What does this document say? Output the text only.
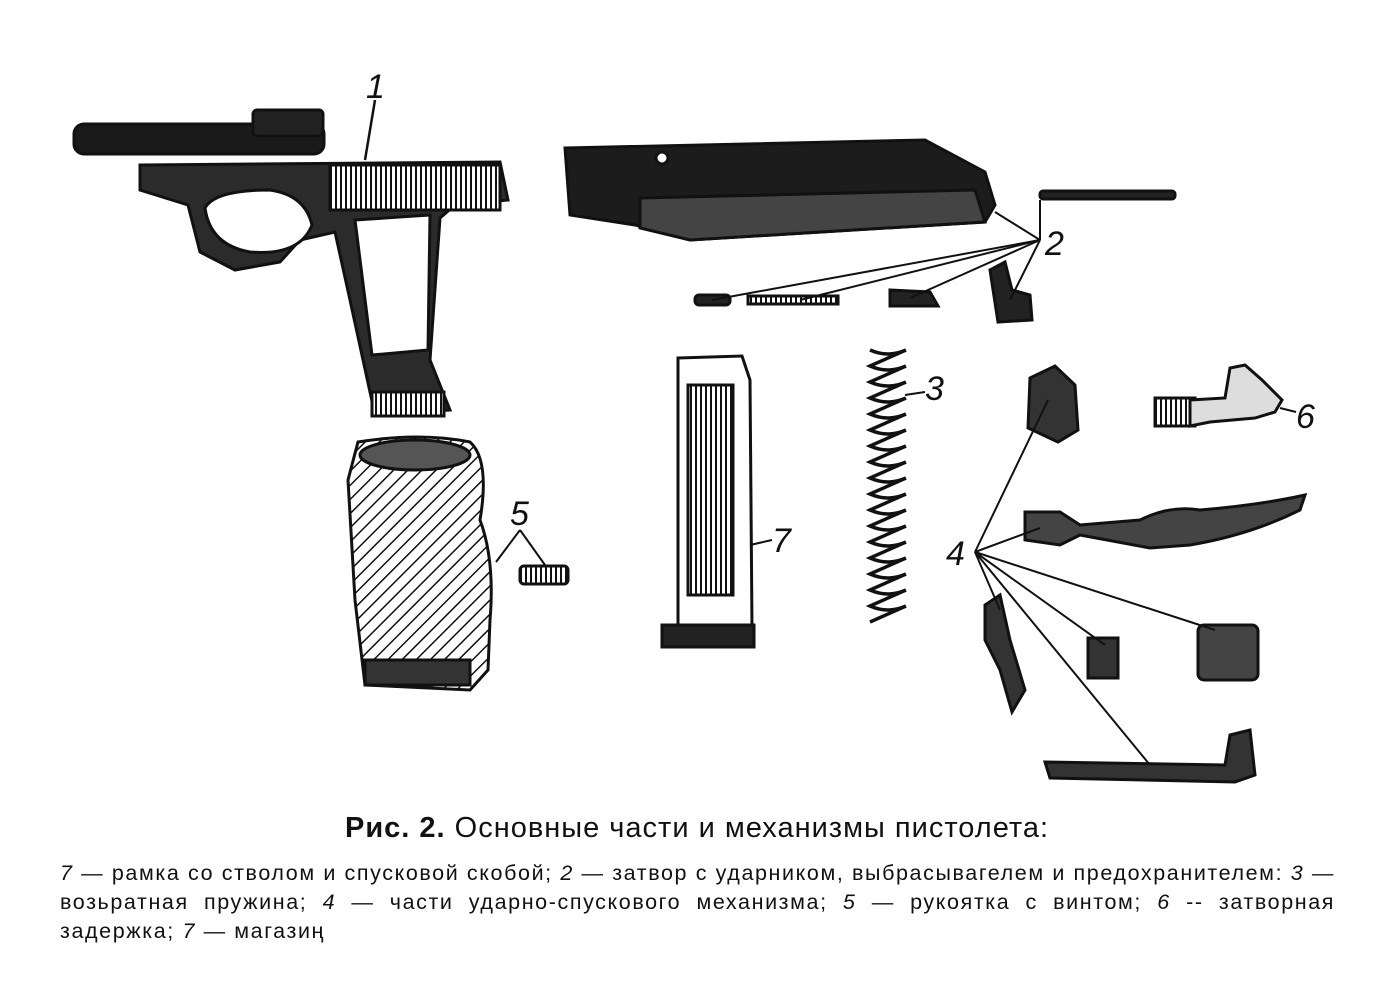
1
2
3
4
5
6
7
Рис. 2. Основные части и механизмы пистолета:
7 — рамка со стволом и спусковой скобой; 2 — затвор с ударником, выбрасывагелем и предохранителем: 3 — возьратная пружина; 4 — части ударно-спускового механизма; 5 — рукоятка с винтом; 6 -- затворная задержка; 7 — магазиң
